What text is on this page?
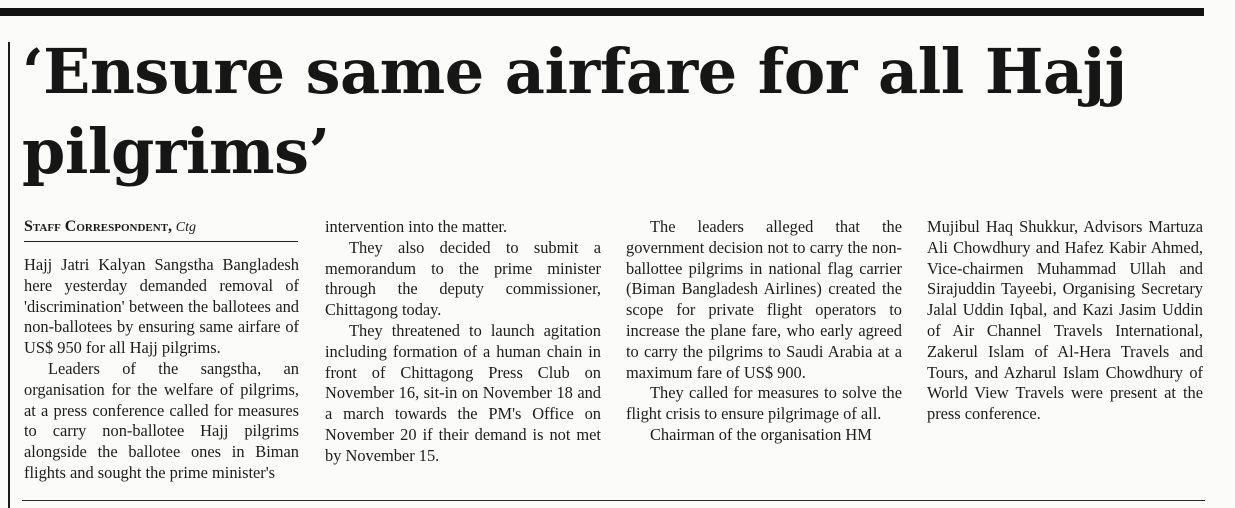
‘Ensure same airfare for all Hajj pilgrims’
Staff Correspondent, Ctg

Hajj Jatri Kalyan Sangstha Bangladesh here yesterday demanded removal of 'discrimination' between the ballotees and non-ballotees by ensuring same airfare of US$ 950 for all Hajj pilgrims.

Leaders of the sangstha, an organisation for the welfare of pilgrims, at a press conference called for measures to carry non-ballotee Hajj pilgrims alongside the ballotee ones in Biman flights and sought the prime minister's

intervention into the matter.

They also decided to submit a memorandum to the prime minister through the deputy commissioner, Chittagong today.

They threatened to launch agitation including formation of a human chain in front of Chittagong Press Club on November 16, sit-in on November 18 and a march towards the PM's Office on November 20 if their demand is not met by November 15.

The leaders alleged that the government decision not to carry the non-ballottee pilgrims in national flag carrier (Biman Bangladesh Airlines) created the scope for private flight operators to increase the plane fare, who early agreed to carry the pilgrims to Saudi Arabia at a maximum fare of US$ 900.

They called for measures to solve the flight crisis to ensure pilgrimage of all.

Chairman of the organisation HM

Mujibul Haq Shukkur, Advisors Martuza Ali Chowdhury and Hafez Kabir Ahmed, Vice-chairmen Muhammad Ullah and Sirajuddin Tayeebi, Organising Secretary Jalal Uddin Iqbal, and Kazi Jasim Uddin of Air Channel Travels International, Zakerul Islam of Al-Hera Travels and Tours, and Azharul Islam Chowdhury of World View Travels were present at the press conference.
